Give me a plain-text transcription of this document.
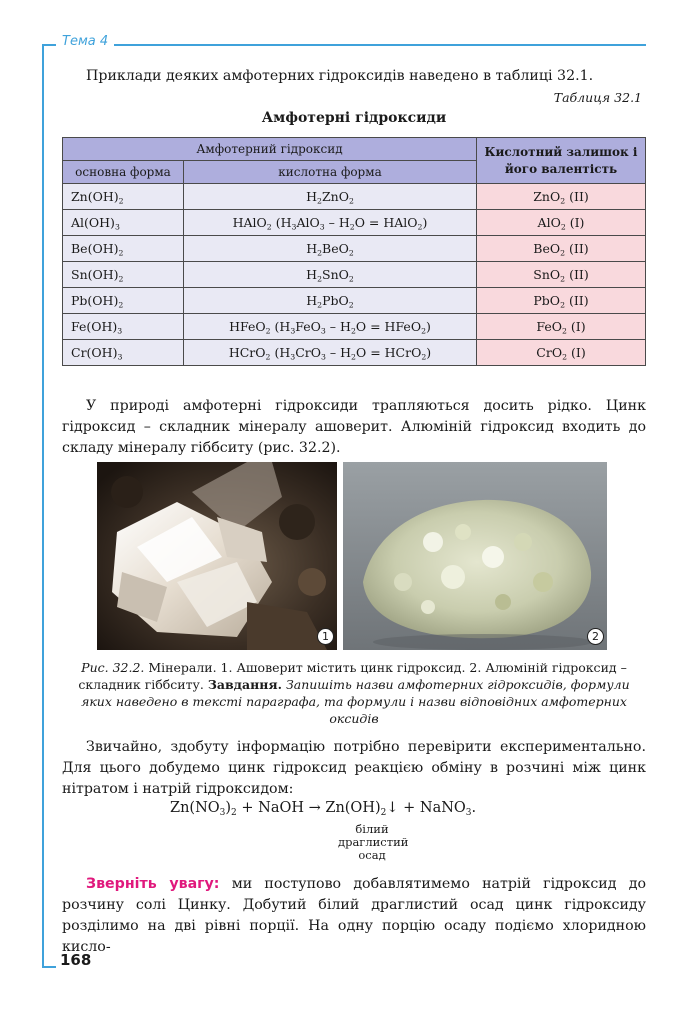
Тема 4
Приклади деяких амфотерних гідроксидів наведено в таблиці 32.1.
Таблиця 32.1
Амфотерні гідроксиди
Амфотерний гідроксид		Кислотний залишок і його валентість
основна форма	кислотна форма	
$Zn(OH)_2$	$H_2ZnO_2$	ZnO$_2$ (II)
$Al(OH)_3$	HAlO$_2$ ($H_3AlO_3 - H_2O$ = HAlO$_2$)	AlO$_2$ (I)
$Be(OH)_2$	$H_2BeO_2$	BeO$_2$ (II)
$Sn(OH)_2$	$H_2SnO_2$	SnO$_2$ (II)
$Pb(OH)_2$	$H_2PbO_2$	PbO$_2$ (II)
$Fe(OH)_3$	HFeO$_2$ ($H_3FeO_3 - H_2O$ = HFeO$_2$)	FeO$_2$ (I)
$Cr(OH)_3$	HCrO$_2$ ($H_3CrO_3 - H_2O$ = HCrO$_2$)	CrO$_2$ (I)
У природі амфотерні гідроксиди трапляються досить рідко. Цинк гідроксид – складник мінералу ашоверит. Алюміній гідроксид входить до складу мінералу гіббситу (рис. 32.2).
1	2
Рис. 32.2. Мінерали. 1. Ашоверит містить цинк гідроксид. 2. Алюміній гідроксид – складник гіббситу. Завдання. Запишіть назви амфотерних гідроксидів, формули яких наведено в тексті параграфа, та формули і назви відповідних амфотерних оксидів
Звичайно, здобуту інформацію потрібно перевірити експериментально. Для цього добудемо цинк гідроксид реакцією обміну в розчині між цинк нітратом і натрій гідроксидом:
$Zn(NO_3)_2$ + NaOH → $Zn(OH)_2↓$ + NaNO$_3$.
білий драглистий осад
Зверніть увагу: ми поступово добавлятимемо натрій гідроксид до розчину солі Цинку. Добутий білий драглистий осад цинк гідроксиду розділимо на дві рівні порції. На одну порцію осаду подіємо хлоридною кисло-
168
